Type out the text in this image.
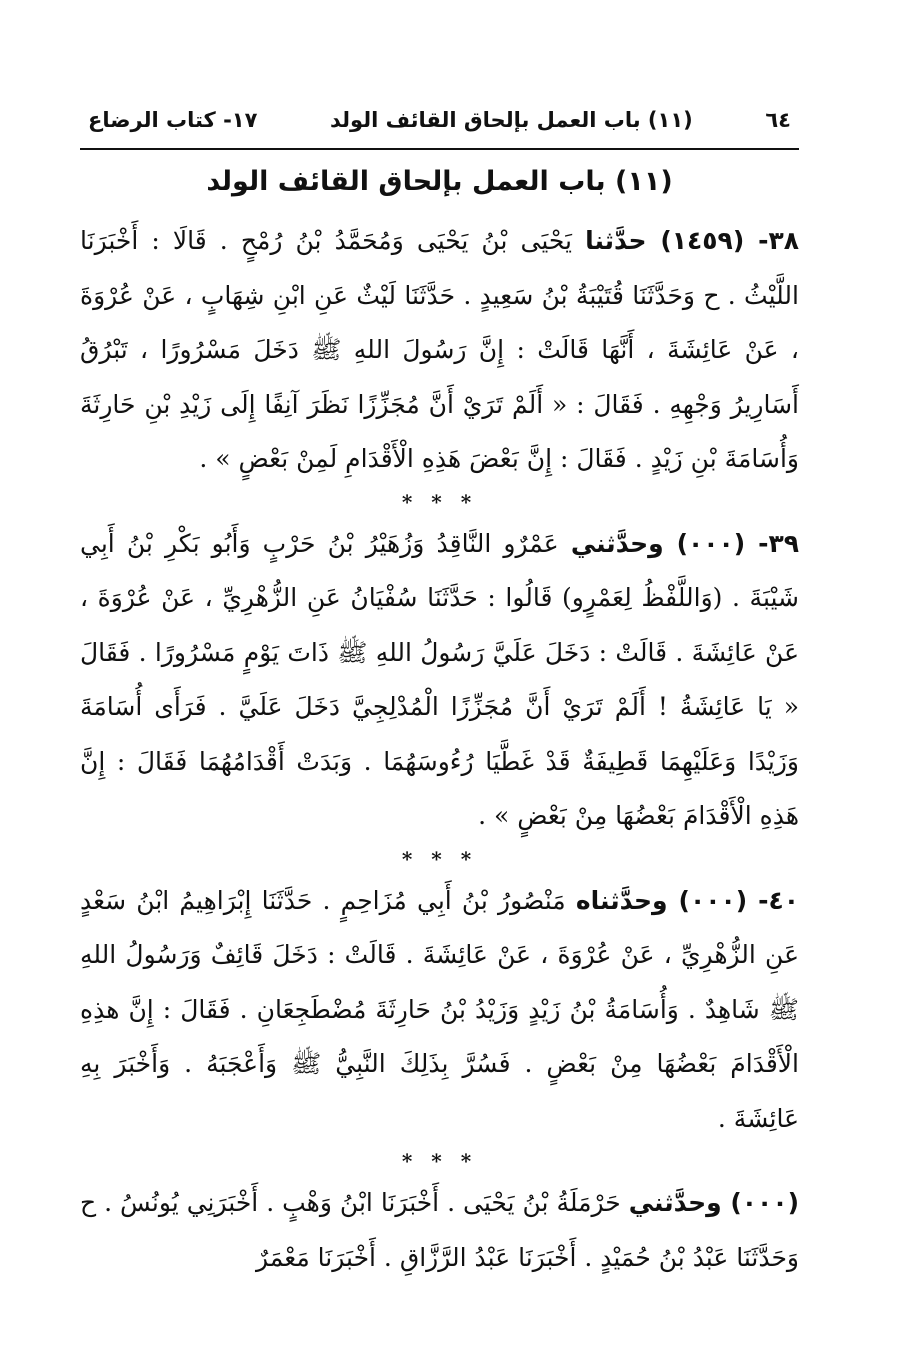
٦٤
(١١) باب العمل بإلحاق القائف الولد
١٧- كتاب الرضاع
(١١) باب العمل بإلحاق القائف الولد

٣٨- (١٤٥٩) حدَّثنا يَحْيَى بْنُ يَحْيَى وَمُحَمَّدُ بْنُ رُمْحٍ . قَالَا : أَخْبَرَنَا اللَّيْثُ . ح وَحَدَّثَنَا قُتَيْبَةُ بْنُ سَعِيدٍ . حَدَّثَنَا لَيْثٌ عَنِ ابْنِ شِهَابٍ ، عَنْ عُرْوَةَ ، عَنْ عَائِشَةَ ، أَنَّهَا قَالَتْ : إِنَّ رَسُولَ اللهِ ﷺ دَخَلَ مَسْرُورًا ، تَبْرُقُ أَسَارِيرُ وَجْهِهِ . فَقَالَ : « أَلَمْ تَرَيْ أَنَّ مُجَزِّزًا نَظَرَ آنِفًا إِلَى زَيْدِ بْنِ حَارِثَةَ وَأُسَامَةَ بْنِ زَيْدٍ . فَقَالَ : إِنَّ بَعْضَ هَذِهِ الْأَقْدَامِ لَمِنْ بَعْضٍ » .

* * *

٣٩- (٠٠٠) وحدَّثني عَمْرٌو النَّاقِدُ وَزُهَيْرُ بْنُ حَرْبٍ وَأَبُو بَكْرِ بْنُ أَبِي شَيْبَةَ . (وَاللَّفْظُ لِعَمْرٍو) قَالُوا : حَدَّثَنَا سُفْيَانُ عَنِ الزُّهْرِيِّ ، عَنْ عُرْوَةَ ، عَنْ عَائِشَةَ . قَالَتْ : دَخَلَ عَلَيَّ رَسُولُ اللهِ ﷺ ذَاتَ يَوْمٍ مَسْرُورًا . فَقَالَ « يَا عَائِشَةُ ! أَلَمْ تَرَيْ أَنَّ مُجَزِّزًا الْمُدْلِجِيَّ دَخَلَ عَلَيَّ . فَرَأَى أُسَامَةَ وَزَيْدًا وَعَلَيْهِمَا قَطِيفَةٌ قَدْ غَطَّيَا رُءُوسَهُمَا . وَبَدَتْ أَقْدَامُهُمَا فَقَالَ : إِنَّ هَذِهِ الْأَقْدَامَ بَعْضُهَا مِنْ بَعْضٍ » .

* * *

٤٠- (٠٠٠) وحدَّثناه مَنْصُورُ بْنُ أَبِي مُزَاحِمٍ . حَدَّثَنَا إِبْرَاهِيمُ ابْنُ سَعْدٍ عَنِ الزُّهْرِيِّ ، عَنْ عُرْوَةَ ، عَنْ عَائِشَةَ . قَالَتْ : دَخَلَ قَائِفٌ وَرَسُولُ اللهِ ﷺ شَاهِدٌ . وَأُسَامَةُ بْنُ زَيْدٍ وَزَيْدُ بْنُ حَارِثَةَ مُضْطَجِعَانِ . فَقَالَ : إِنَّ هذِهِ الْأَقْدَامَ بَعْضُهَا مِنْ بَعْضٍ . فَسُرَّ بِذَلِكَ النَّبِيُّ ﷺ وَأَعْجَبَهُ . وَأَخْبَرَ بِهِ عَائِشَةَ .

* * *

(٠٠٠) وحدَّثني حَرْمَلَةُ بْنُ يَحْيَى . أَخْبَرَنَا ابْنُ وَهْبٍ . أَخْبَرَنِي يُونُسُ . ح وَحَدَّثَنَا عَبْدُ بْنُ حُمَيْدٍ . أَخْبَرَنَا عَبْدُ الرَّزَّاقِ . أَخْبَرَنَا مَعْمَرٌ
